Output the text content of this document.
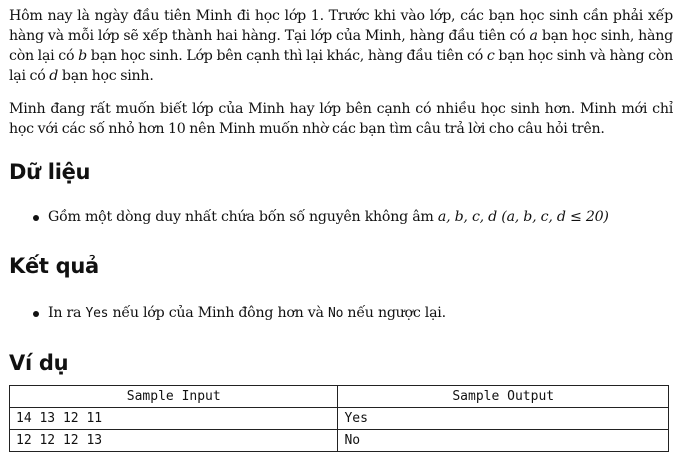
Hôm nay là ngày đầu tiên Minh đi học lớp 1. Trước khi vào lớp, các bạn học sinh cần phải xếp hàng và mỗi lớp sẽ xếp thành hai hàng. Tại lớp của Minh, hàng đầu tiên có a bạn học sinh, hàng còn lại có b bạn học sinh. Lớp bên cạnh thì lại khác, hàng đầu tiên có c bạn học sinh và hàng còn lại có d bạn học sinh.

Minh đang rất muốn biết lớp của Minh hay lớp bên cạnh có nhiều học sinh hơn. Minh mới chỉ học với các số nhỏ hơn 10 nên Minh muốn nhờ các bạn tìm câu trả lời cho câu hỏi trên.

Dữ liệu
Gồm một dòng duy nhất chứa bốn số nguyên không âm a, b, c, d (a, b, c, d ≤ 20)
Kết quả
In ra Yes nếu lớp của Minh đông hơn và No nếu ngược lại.
Ví dụ
Sample Input	Sample Output
14 13 12 11	Yes
12 12 12 13	No
